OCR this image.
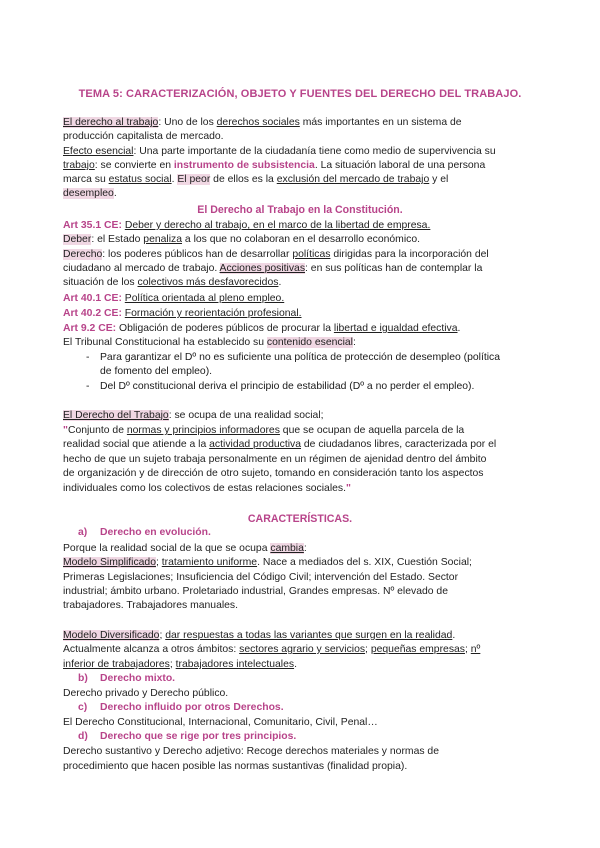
TEMA 5: CARACTERIZACIÓN, OBJETO Y FUENTES DEL DERECHO DEL TRABAJO.
El derecho al trabajo: Uno de los derechos sociales más importantes en un sistema de
producción capitalista de mercado.
Efecto esencial: Una parte importante de la ciudadanía tiene como medio de supervivencia su
trabajo: se convierte en instrumento de subsistencia. La situación laboral de una persona
marca su estatus social. El peor de ellos es la exclusión del mercado de trabajo y el
desempleo.
El Derecho al Trabajo en la Constitución.
Art 35.1 CE: Deber y derecho al trabajo, en el marco de la libertad de empresa.
Deber: el Estado penaliza a los que no colaboran en el desarrollo económico.
Derecho: los poderes públicos han de desarrollar políticas dirigidas para la incorporación del
ciudadano al mercado de trabajo. Acciones positivas: en sus políticas han de contemplar la
situación de los colectivos más desfavorecidos.
Art 40.1 CE: Política orientada al pleno empleo.
Art 40.2 CE: Formación y reorientación profesional.
Art 9.2 CE: Obligación de poderes públicos de procurar la libertad e igualdad efectiva.
El Tribunal Constitucional ha establecido su contenido esencial:
- Para garantizar el Dº no es suficiente una política de protección de desempleo (política
de fomento del empleo).
- Del Dº constitucional deriva el principio de estabilidad (Dº a no perder el empleo).
El Derecho del Trabajo: se ocupa de una realidad social;
"Conjunto de normas y principios informadores que se ocupan de aquella parcela de la
realidad social que atiende a la actividad productiva de ciudadanos libres, caracterizada por el
hecho de que un sujeto trabaja personalmente en un régimen de ajenidad dentro del ámbito
de organización y de dirección de otro sujeto, tomando en consideración tanto los aspectos
individuales como los colectivos de estas relaciones sociales."
CARACTERÍSTICAS.
a) Derecho en evolución.
Porque la realidad social de la que se ocupa cambia:
Modelo Simplificado; tratamiento uniforme. Nace a mediados del s. XIX, Cuestión Social;
Primeras Legislaciones; Insuficiencia del Código Civil; intervención del Estado. Sector
industrial; ámbito urbano. Proletariado industrial, Grandes empresas. Nº elevado de
trabajadores. Trabajadores manuales.
Modelo Diversificado; dar respuestas a todas las variantes que surgen en la realidad.
Actualmente alcanza a otros ámbitos: sectores agrario y servicios; pequeñas empresas; nº
inferior de trabajadores; trabajadores intelectuales.
b) Derecho mixto.
Derecho privado y Derecho público.
c) Derecho influido por otros Derechos.
El Derecho Constitucional, Internacional, Comunitario, Civil, Penal…
d) Derecho que se rige por tres principios.
Derecho sustantivo y Derecho adjetivo: Recoge derechos materiales y normas de
procedimiento que hacen posible las normas sustantivas (finalidad propia).
